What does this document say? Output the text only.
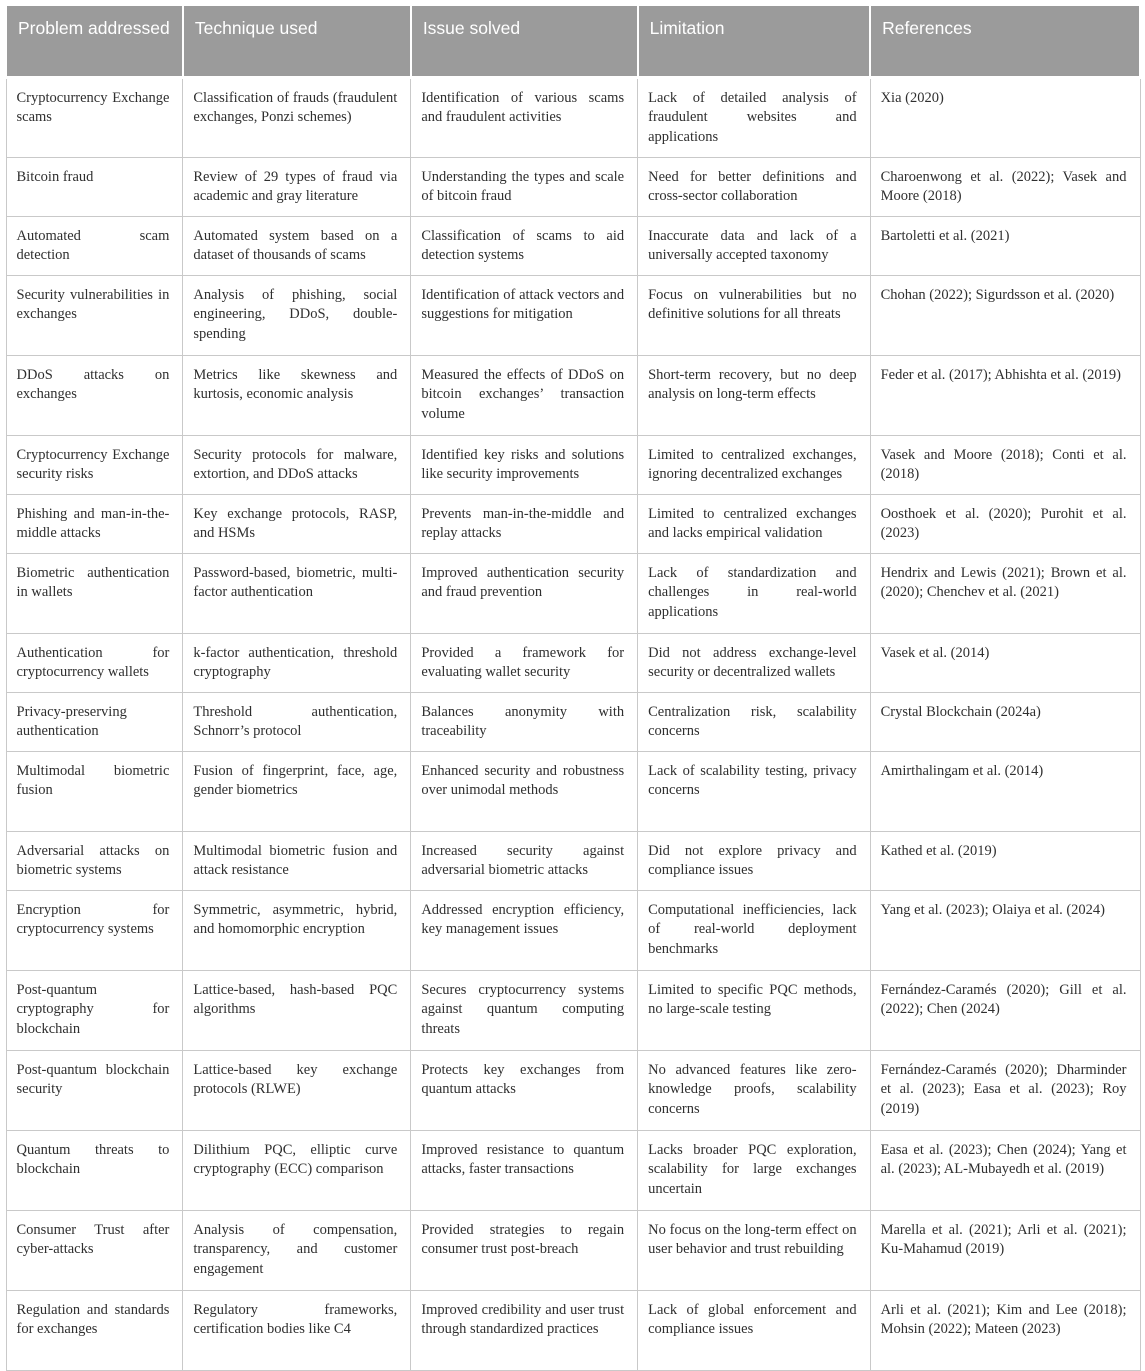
Problem addressed	Technique used	Issue solved	Limitation	References
Cryptocurrency Exchange scams	Classification of frauds (fraudulent exchanges, Ponzi schemes)	Identification of various scams and fraudulent activities	Lack of detailed analysis of fraudulent websites and applications	Xia (2020)
Bitcoin fraud	Review of 29 types of fraud via academic and gray literature	Understanding the types and scale of bitcoin fraud	Need for better definitions and cross-sector collaboration	Charoenwong et al. (2022); Vasek and Moore (2018)
Automated scam detection	Automated system based on a dataset of thousands of scams	Classification of scams to aid detection systems	Inaccurate data and lack of a universally accepted taxonomy	Bartoletti et al. (2021)
Security vulnerabilities in exchanges	Analysis of phishing, social engineering, DDoS, double-spending	Identification of attack vectors and suggestions for mitigation	Focus on vulnerabilities but no definitive solutions for all threats	Chohan (2022); Sigurdsson et al. (2020)
DDoS attacks on exchanges	Metrics like skewness and kurtosis, economic analysis	Measured the effects of DDoS on bitcoin exchanges’ transaction volume	Short-term recovery, but no deep analysis on long-term effects	Feder et al. (2017); Abhishta et al. (2019)
Cryptocurrency Exchange security risks	Security protocols for malware, extortion, and DDoS attacks	Identified key risks and solutions like security improvements	Limited to centralized exchanges, ignoring decentralized exchanges	Vasek and Moore (2018); Conti et al. (2018)
Phishing and man-in-the-middle attacks	Key exchange protocols, RASP, and HSMs	Prevents man-in-the-middle and replay attacks	Limited to centralized exchanges and lacks empirical validation	Oosthoek et al. (2020); Purohit et al. (2023)
Biometric authentication in wallets	Password-based, biometric, multi-factor authentication	Improved authentication security and fraud prevention	Lack of standardization and challenges in real-world applications	Hendrix and Lewis (2021); Brown et al. (2020); Chenchev et al. (2021)
Authentication for cryptocurrency wallets	k-factor authentication, threshold cryptography	Provided a framework for evaluating wallet security	Did not address exchange-level security or decentralized wallets	Vasek et al. (2014)
Privacy-preserving authentication	Threshold authentication, Schnorr’s protocol	Balances anonymity with traceability	Centralization risk, scalability concerns	Crystal Blockchain (2024a)
Multimodal biometric fusion	Fusion of fingerprint, face, age, gender biometrics	Enhanced security and robustness over unimodal methods	Lack of scalability testing, privacy concerns	Amirthalingam et al. (2014)
Adversarial attacks on biometric systems	Multimodal biometric fusion and attack resistance	Increased security against adversarial biometric attacks	Did not explore privacy and compliance issues	Kathed et al. (2019)
Encryption for cryptocurrency systems	Symmetric, asymmetric, hybrid, and homomorphic encryption	Addressed encryption efficiency, key management issues	Computational inefficiencies, lack of real-world deployment benchmarks	Yang et al. (2023); Olaiya et al. (2024)
Post-quantum cryptography for blockchain	Lattice-based, hash-based PQC algorithms	Secures cryptocurrency systems against quantum computing threats	Limited to specific PQC methods, no large-scale testing	Fernández-Caramés (2020); Gill et al. (2022); Chen (2024)
Post-quantum blockchain security	Lattice-based key exchange protocols (RLWE)	Protects key exchanges from quantum attacks	No advanced features like zero-knowledge proofs, scalability concerns	Fernández-Caramés (2020); Dharminder et al. (2023); Easa et al. (2023); Roy (2019)
Quantum threats to blockchain	Dilithium PQC, elliptic curve cryptography (ECC) comparison	Improved resistance to quantum attacks, faster transactions	Lacks broader PQC exploration, scalability for large exchanges uncertain	Easa et al. (2023); Chen (2024); Yang et al. (2023); AL-Mubayedh et al. (2019)
Consumer Trust after cyber-attacks	Analysis of compensation, transparency, and customer engagement	Provided strategies to regain consumer trust post-breach	No focus on the long-term effect on user behavior and trust rebuilding	Marella et al. (2021); Arli et al. (2021); Ku-Mahamud (2019)
Regulation and standards for exchanges	Regulatory frameworks, certification bodies like C4	Improved credibility and user trust through standardized practices	Lack of global enforcement and compliance issues	Arli et al. (2021); Kim and Lee (2018); Mohsin (2022); Mateen (2023)
